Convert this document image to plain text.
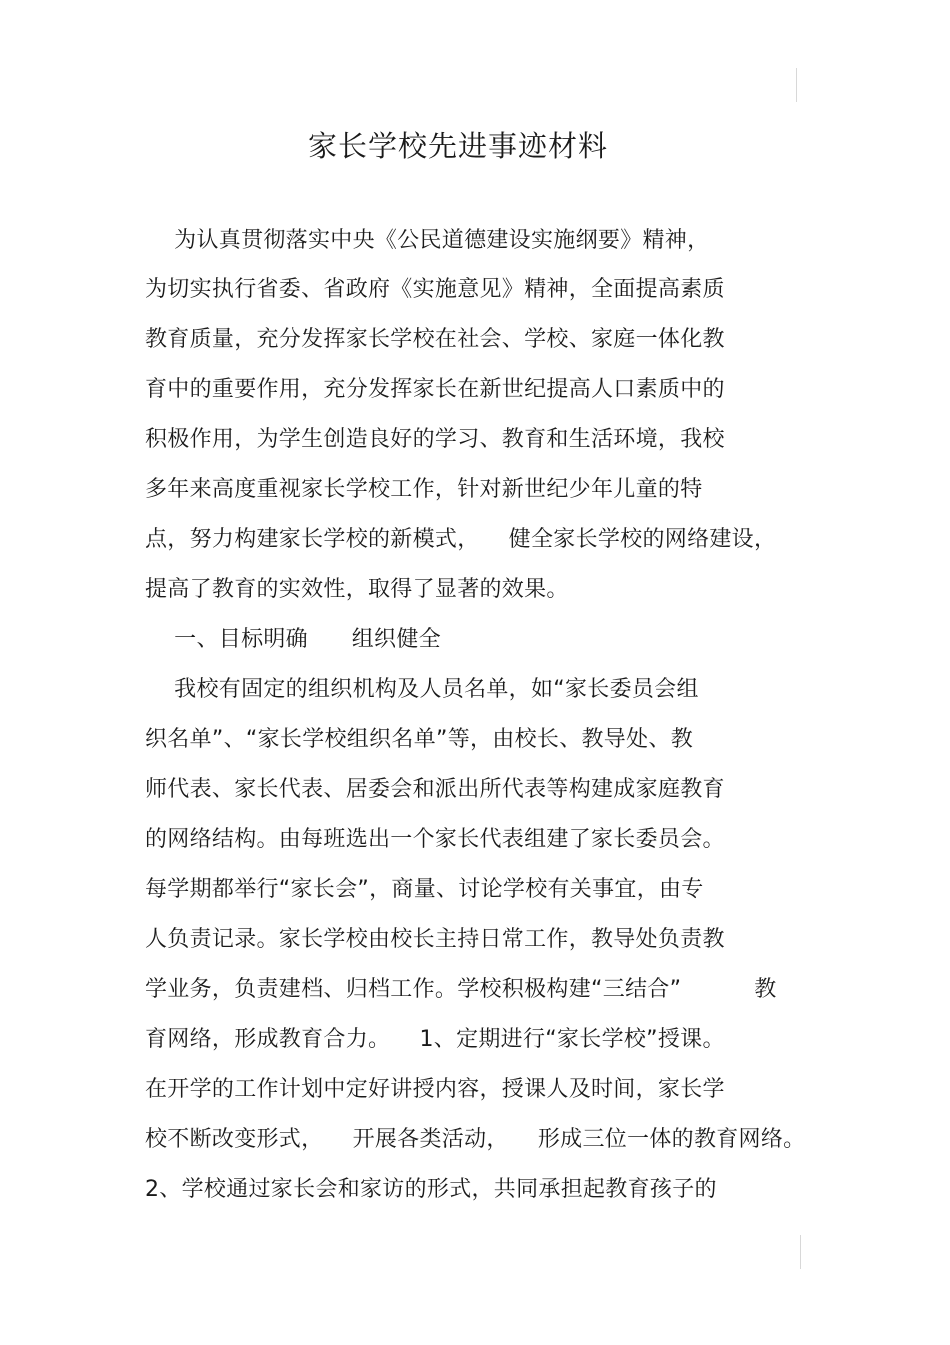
家长学校先进事迹材料
为认真贯彻落实中央《公民道德建设实施纲要》精神，
为切实执行省委、省政府《实施意见》精神，全面提高素质
教育质量，充分发挥家长学校在社会、学校、家庭一体化教
育中的重要作用，充分发挥家长在新世纪提高人口素质中的
积极作用，为学生创造良好的学习、教育和生活环境，我校
多年来高度重视家长学校工作，针对新世纪少年儿童的特
点，努力构建家长学校的新模式，    健全家长学校的网络建设，
提高了教育的实效性，取得了显著的效果。
一、目标明确      组织健全
我校有固定的组织机构及人员名单，如“家长委员会组
织名单”、“家长学校组织名单”等，由校长、教导处、教
师代表、家长代表、居委会和派出所代表等构建成家庭教育
的网络结构。由每班选出一个家长代表组建了家长委员会。
每学期都举行“家长会”，商量、讨论学校有关事宜，由专
人负责记录。家长学校由校长主持日常工作，教导处负责教
学业务，负责建档、归档工作。学校积极构建“三结合”          教
育网络，形成教育合力。    1、定期进行“家长学校”授课。
在开学的工作计划中定好讲授内容，授课人及时间，家长学
校不断改变形式，    开展各类活动，    形成三位一体的教育网络。
2、学校通过家长会和家访的形式，共同承担起教育孩子的
